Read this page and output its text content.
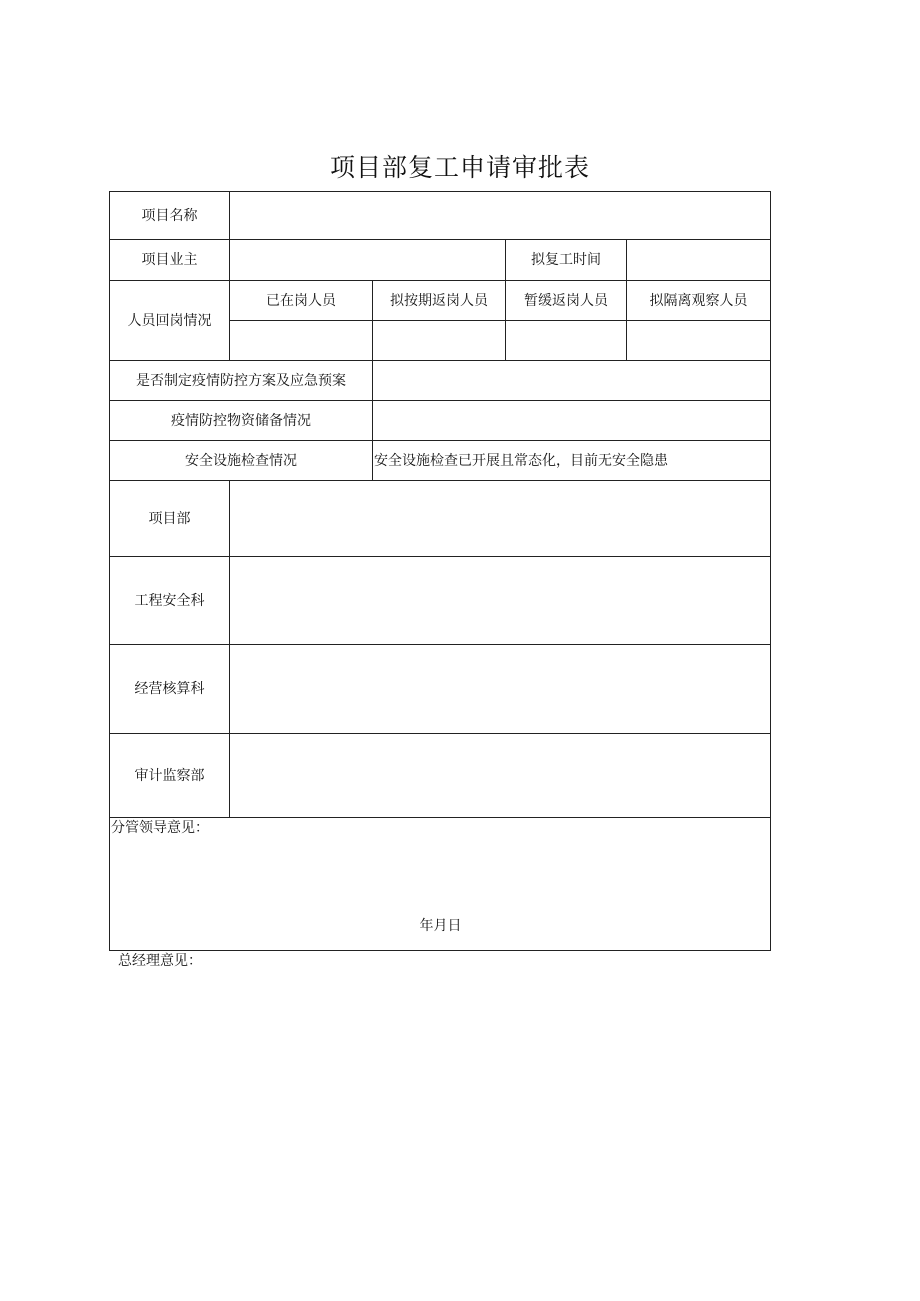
项目部复工申请审批表
项目名称				
项目业主			拟复工时间	
人员回岗情况	已在岗人员	拟按期返岗人员	暂缓返岗人员	拟隔离观察人员

是否制定疫情防控方案及应急预案				
疫情防控物资储备情况				
安全设施检查情况		安全设施检查已开展且常态化，目前无安全隐患		
项目部				
工程安全科				
经营核算科				
审计监察部				

分管领导意见：
年月日				
总经理意见：
